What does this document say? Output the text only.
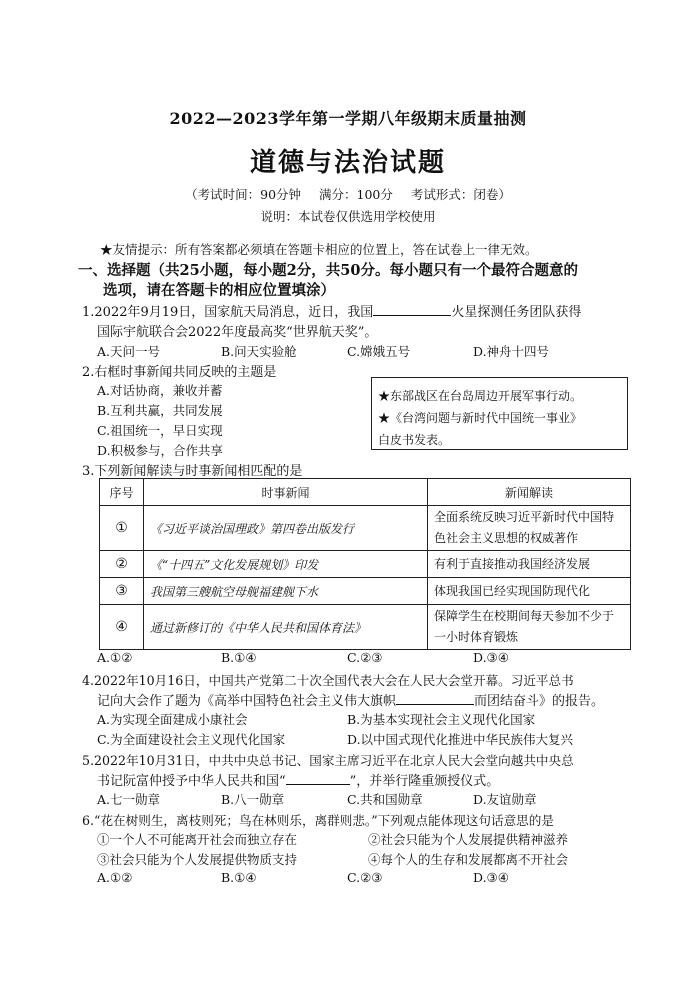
2022—2023学年第一学期八年级期末质量抽测
道德与法治试题
（考试时间：90分钟 满分：100分 考试形式：闭卷）
说明：本试卷仅供选用学校使用
★友情提示：所有答案都必须填在答题卡相应的位置上，答在试卷上一律无效。
一、选择题（共25小题，每小题2分，共50分。每小题只有一个最符合题意的
选项，请在答题卡的相应位置填涂）
1.2022年9月19日，国家航天局消息，近日，我国	火星探测任务团队获得
国际宇航联合会2022年度最高奖“世界航天奖”。
A.天问一号	B.问天实验舱	C.嫦娥五号	D.神舟十四号
2.右框时事新闻共同反映的主题是
A.对话协商，兼收并蓄
B.互利共赢，共同发展
C.祖国统一，早日实现
D.积极参与，合作共享
★东部战区在台岛周边开展军事行动。
★《台湾问题与新时代中国统一事业》
白皮书发表。
3.下列新闻解读与时事新闻相匹配的是
序号	时事新闻	新闻解读
①	《习近平谈治国理政》第四卷出版发行	全面系统反映习近平新时代中国特
色社会主义思想的权威著作

②	《“十四五”文化发展规划》印发	有利于直接推动我国经济发展
③	我国第三艘航空母舰福建舰下水	体现我国已经实现国防现代化
④	通过新修订的《中华人民共和国体育法》	保障学生在校期间每天参加不少于
一小时体育锻炼
A.①②	B.①④	C.②③	D.③④
4.2022年10月16日，中国共产党第二十次全国代表大会在人民大会堂开幕。习近平总书
记向大会作了题为《高举中国特色社会主义伟大旗帜	而团结奋斗》的报告。
A.为实现全面建成小康社会	B.为基本实现社会主义现代化国家
C.为全面建设社会主义现代化国家	D.以中国式现代化推进中华民族伟大复兴
5.2022年10月31日，中共中央总书记、国家主席习近平在北京人民大会堂向越共中央总
书记阮富仲授予中华人民共和国“	”，并举行隆重颁授仪式。
A.七一勋章	B.八一勋章	C.共和国勋章	D.友谊勋章
6.“花在树则生，离枝则死；鸟在林则乐，离群则悲。”下列观点能体现这句话意思的是
①一个人不可能离开社会而独立存在	②社会只能为个人发展提供精神滋养
③社会只能为个人发展提供物质支持	④每个人的生存和发展都离不开社会
A.①②	B.①④	C.②③	D.③④
